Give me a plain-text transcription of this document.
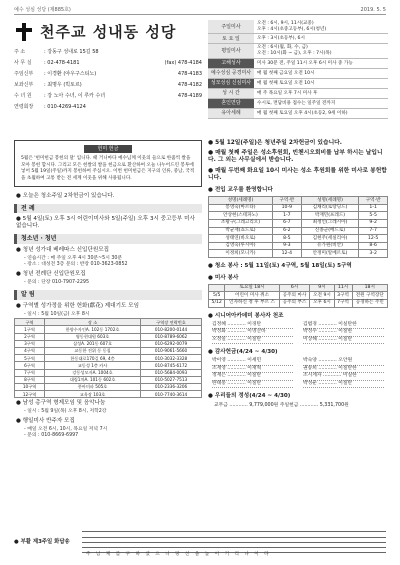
예수 성심 성당 (제885호)	2019. 5. 5
천주교 성내동 성당
주 소	: 강동구 성내로 15길 58
사 무 실	: 02-478-4181	(fax) 478-4184
주임신부	: 이경환 (야우구스티노)	478-4183
보좌신부	: 최명우 (빅토르)	478-4182
수 녀 원	: 강 노아 수녀, 이 루카 수녀	478-4189
연령회장	: 010-4269-4124
주일미사
오전 : 6시, 9시, 11시(교중)
오후 : 4시(초중고등부), 6시(청년)
토 요 일	오후 : 3시(초등부), 6시
평일미사
오전 : 6시(월, 화, 수, 금)
오전 : 10시(화 ~ 금), 오후 : 7시(목)
고해성사	미사 30분 전, 주일 11시 오후 6시 미사 중 가능
예수성심 공경미사	매 월 첫째 금요일 오전 10시
성모성심 신심미사	매 월 첫째 토요일 오전 10시
성 시 간	매 주 목요일 오후 7시 미사 후
혼인면담	수시로, 면담비용 접수는 일주일 전까지
유아세례	매 월 첫째 토요일 오후 4시(초등2, 9세 이하)
헌미 헌금

5월은 '헌미헌금 봉헌의 달' 입니다. 때 거니마다 예수님께 이웃의 들으로 한줌씩 쌀을 모아 봉헌 합시다. 그리고 모은 헌쌀의 쌀을 헌금으로 환산하여 오늘 나누어드린 봉투에 넣어 5월 19일(주일)까지 봉헌하여 주십시오. 이번 헌미헌금은 지구의 인류, 중남, 국적을 초월하여 고통 받는 전 세계 이웃을 위해 사용됩니다.

● 오늘은 청소주일 2차헌금이 있습니다.
전 례
● 5월 4일(토) 오후 3시 어린이미사와 5일(주일) 오후 3시 중고등부 미사 없습니다.
청소년 · 청년
● 청년 성가대 베레따스 신입단원모집
- 연습시간 : 매 주일 오후 4시 30분~5시 30분
- 장소 : 대성전 3층 문의 : 반장 010-3623-0852
● 청년 전례단 신입단원모집
- 문의 : 단장 010-7907-2295
알 림
● 구역별 성가정을 위한 헌화(獻花) 제대기도 모임
- 일시 : 5월 10일(금) 오후 8시
구역	장 소	구역장 연락번호
1구역	한양수자인A. 102동 1702호	010-8200-0144
2구역	영동현대원 603호	010-8789-6062
3구역	삼성A. 201동 607호	010-6292-0079
4구역	교동한 진위 동 동칠	010-9061-5660
5구역	한동대로170길 69, 4층	010-3032-3328
6구역	교동성 1층 카사	010-8745-6172
7구역	강동성모자A. 1004호	010-5684-0093
8구역	대림1차A. 101동 602호	010-5027-7513
10구역	풍아미파 505호	010-2336-3206
12구역	교육장 103호	010-7740-3614
● 남성 총구역 형제모임 및 음악나눔
- 일시 : 5월 9일(목) 오후 8시, 저학2강
● 행일미사 반주자 모집
- 매일 오전 6시, 10시, 목요일 저녁 7시
- 문의 : 010-8669-6997
● 5월 12일(주일)은 청년주일 2차헌금이 있습니다.
● 매월 첫째 주일은 성소후원회, 빈첸시오회비를 납부 하시는 날입니다. 그 외는 사무실에서 받습니다.
● 매월 두번째 화요일 10시 미사는 성소 후원회를 위한 미사로 봉헌합니다.
● 전입 교우를 환영합니다
성명(세례명)	구역·반	성명(세례명)	구역·반
봉영숙(마르타)	10-9	김채리(로랑딩드)	1-1
안상현(스테파노)	1-7	박재민(프레드)	5-5
조황구(그레고리오)	6-7	최정인(그레시아)	9-2
박균재(쇼드로)	6-2	신종군(베드로)	7-7
성태연(바오로)	8-5	김현주(세실리아)	12-5
김영숙(루시아)	9-3	유가원(비안)	8-6
이정희(모니카)	12-4	안정미(알베르토)	3-2
● 청소 봉사 : 5월 11일(토) 4구역, 5월 18일(토) 5구역
● 미사 봉사
	토요일 18시	6시	9시	11시	18시
5/5	어린이 미사 쥐소	공주의 마사	오전 9시	3구역	전원 구역장단
5/12	인자하신 정 후 부르 스	공주의 부스	오후 6시	7구역	공경하는 주민
● 시니어아카데미 봉사자 천조
김정혜 ............ 이경탄	김범경 ............ 이실탄한
박정화 ............ 이영산바	박정수 ............ 이실한
오정일 ............ 이실탄	이상해 ............ 이실탄
● 감사헌금(4/24 ~ 4/30)
박이영 ............ 이세민	박숙양 ............ 오안원
조재영 ............ 이재혁	권송희 ............ 이실탄한
정재은 ............ 이실탄	조시계자 ............ 이실한
한태흥 ............ 이실탄	박성순 ............ 이실탄
● 우리들의 정성(4/24 ~ 4/30)
교무금 ............ 9,779,000원 주일헌금 ............ 5,331,700원
● 부활 제3주일 화답송
주 님 제 를 구 하 셨 으 니 당 신 을 높 이 기 리 나 이 다
